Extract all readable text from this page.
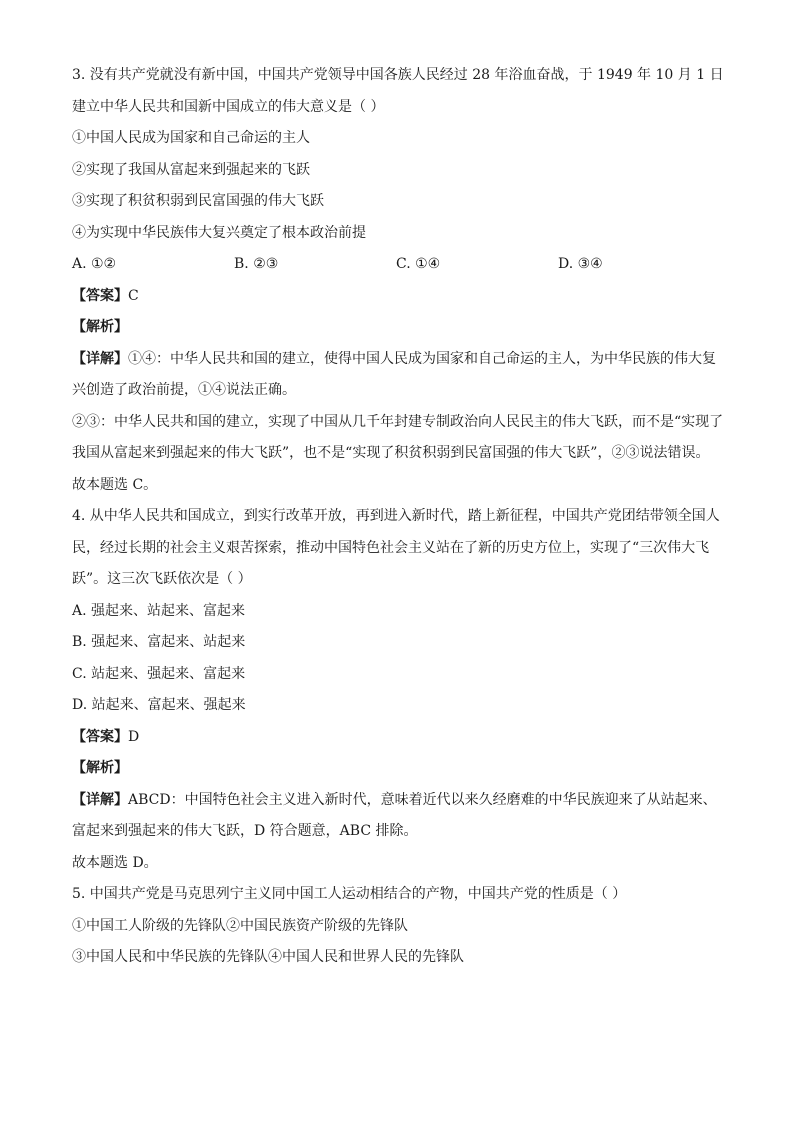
3. 没有共产党就没有新中国，中国共产党领导中国各族人民经过 28 年浴血奋战，于 1949 年 10 月 1 日建立中华人民共和国新中国成立的伟大意义是（ ）
①中国人民成为国家和自己命运的主人
②实现了我国从富起来到强起来的飞跃
③实现了积贫积弱到民富国强的伟大飞跃
④为实现中华民族伟大复兴奠定了根本政治前提
A. ①②	B. ②③	C. ①④	D. ③④
【答案】C
【解析】
【详解】①④：中华人民共和国的建立，使得中国人民成为国家和自己命运的主人，为中华民族的伟大复兴创造了政治前提，①④说法正确。
②③：中华人民共和国的建立，实现了中国从几千年封建专制政治向人民民主的伟大飞跃，而不是“实现了我国从富起来到强起来的伟大飞跃”，也不是“实现了积贫积弱到民富国强的伟大飞跃”，②③说法错误。
故本题选 C。
4. 从中华人民共和国成立，到实行改革开放，再到进入新时代，踏上新征程，中国共产党团结带领全国人民，经过长期的社会主义艰苦探索，推动中国特色社会主义站在了新的历史方位上，实现了“三次伟大飞跃”。这三次飞跃依次是（ ）
A. 强起来、站起来、富起来
B. 强起来、富起来、站起来
C. 站起来、强起来、富起来
D. 站起来、富起来、强起来
【答案】D
【解析】
【详解】ABCD：中国特色社会主义进入新时代，意味着近代以来久经磨难的中华民族迎来了从站起来、富起来到强起来的伟大飞跃，D 符合题意，ABC 排除。
故本题选 D。
5. 中国共产党是马克思列宁主义同中国工人运动相结合的产物，中国共产党的性质是（ ）
①中国工人阶级的先锋队②中国民族资产阶级的先锋队
③中国人民和中华民族的先锋队④中国人民和世界人民的先锋队
